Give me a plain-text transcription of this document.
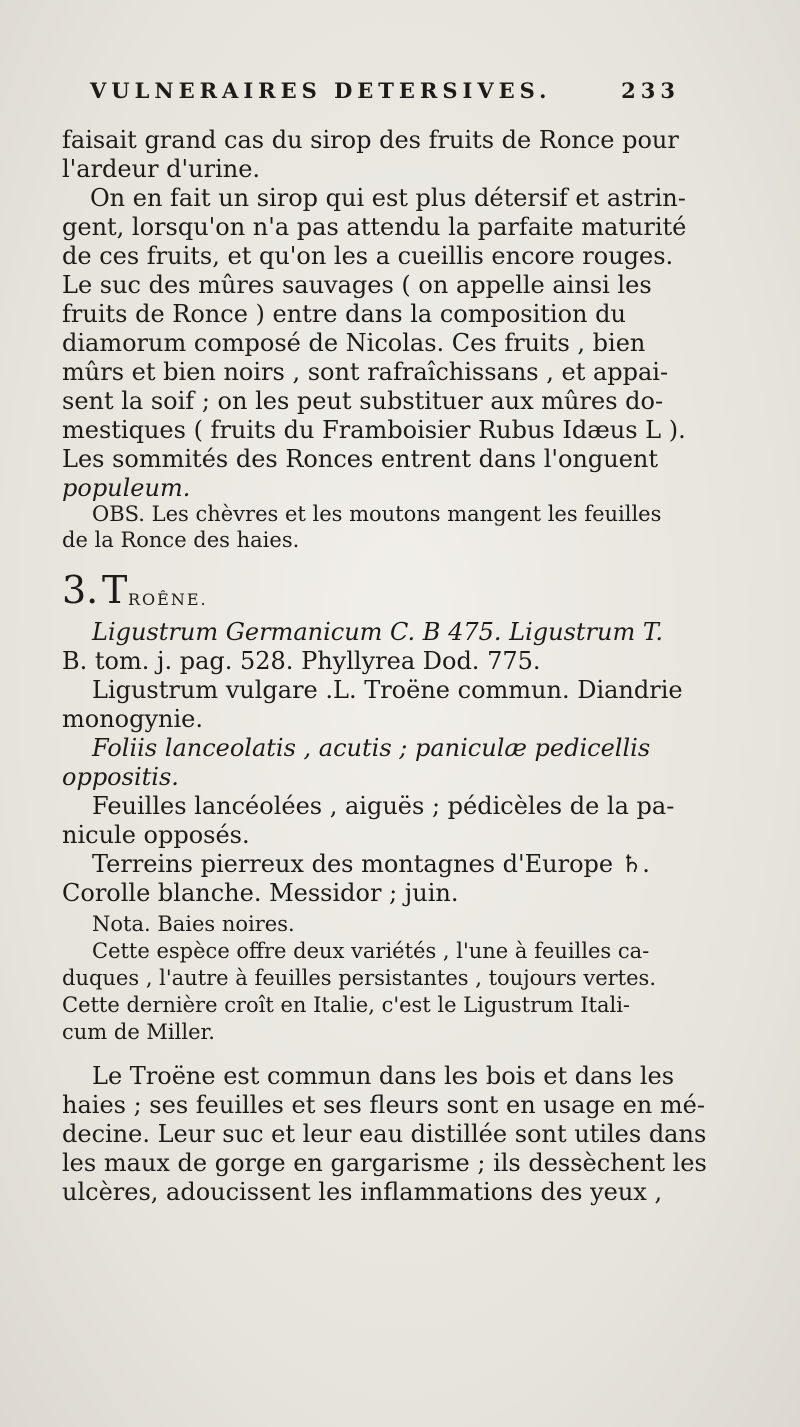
VULNERAIRES DETERSIVES.	233
faisait grand cas du sirop des fruits de Ronce pour
l'ardeur d'urine.
On en fait un sirop qui est plus détersif et astrin-
gent, lorsqu'on n'a pas attendu la parfaite maturité
de ces fruits, et qu'on les a cueillis encore rouges.
Le suc des mûres sauvages ( on appelle ainsi les
fruits de Ronce ) entre dans la composition du
diamorum composé de Nicolas. Ces fruits , bien
mûrs et bien noirs , sont rafraîchissans , et appai-
sent la soif ; on les peut substituer aux mûres do-
mestiques ( fruits du Framboisier Rubus Idæus L ).
Les sommités des Ronces entrent dans l'onguent
populeum.
OBS. Les chèvres et les moutons mangent les feuilles
de la Ronce des haies.
3. T ROÊNE.
Ligustrum Germanicum C. B 475. Ligustrum T.
B. tom. j. pag. 528. Phyllyrea Dod. 775.
Ligustrum vulgare .L. Troëne commun. Diandrie
monogynie.
Foliis lanceolatis , acutis ; paniculæ pedicellis
oppositis.
Feuilles lancéolées , aiguës ; pédicèles de la pa-
nicule opposés.
Terreins pierreux des montagnes d'Europe ♄.
Corolle blanche. Messidor ; juin.
Nota. Baies noires.
Cette espèce offre deux variétés , l'une à feuilles ca-
duques , l'autre à feuilles persistantes , toujours vertes.
Cette dernière croît en Italie, c'est le Ligustrum Itali-
cum de Miller.
Le Troëne est commun dans les bois et dans les
haies ; ses feuilles et ses fleurs sont en usage en mé-
decine. Leur suc et leur eau distillée sont utiles dans
les maux de gorge en gargarisme ; ils dessèchent les
ulcères, adoucissent les inflammations des yeux ,
